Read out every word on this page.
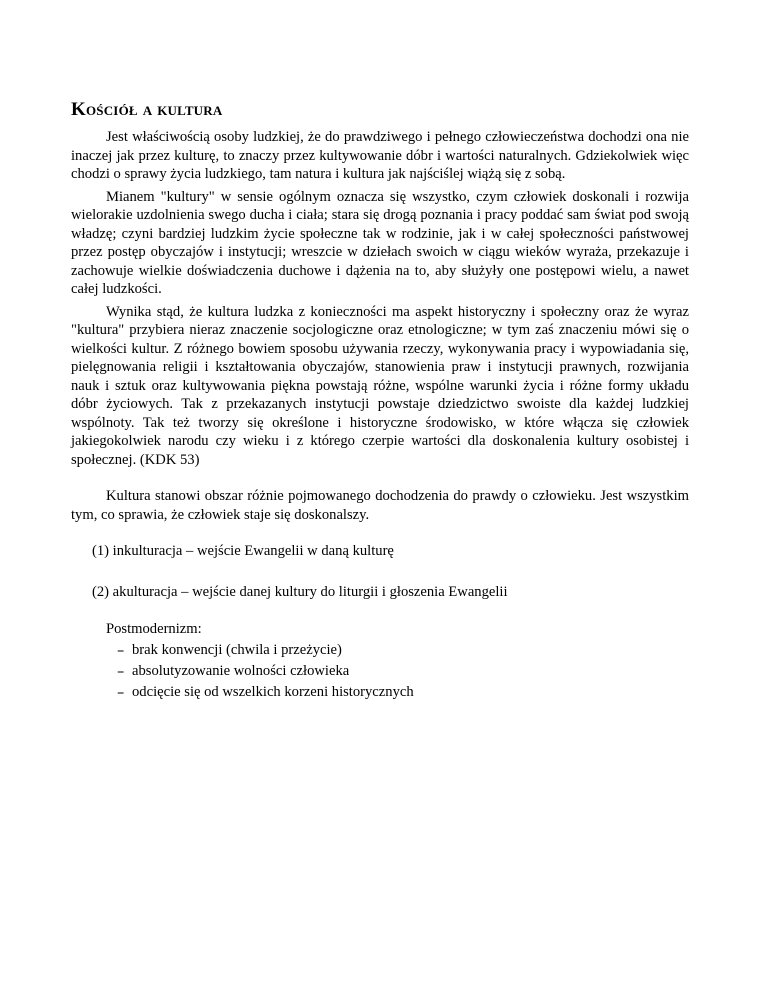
Kościół a kultura

Jest właściwością osoby ludzkiej, że do prawdziwego i pełnego człowieczeństwa dochodzi ona nie inaczej jak przez kulturę, to znaczy przez kultywowanie dóbr i wartości naturalnych. Gdziekolwiek więc chodzi o sprawy życia ludzkiego, tam natura i kultura jak najściślej wiążą się z sobą.

Mianem "kultury" w sensie ogólnym oznacza się wszystko, czym człowiek doskonali i rozwija wielorakie uzdolnienia swego ducha i ciała; stara się drogą poznania i pracy poddać sam świat pod swoją władzę; czyni bardziej ludzkim życie społeczne tak w rodzinie, jak i w całej społeczności państwowej przez postęp obyczajów i instytucji; wreszcie w dziełach swoich w ciągu wieków wyraża, przekazuje i zachowuje wielkie doświadczenia duchowe i dążenia na to, aby służyły one postępowi wielu, a nawet całej ludzkości.

Wynika stąd, że kultura ludzka z konieczności ma aspekt historyczny i społeczny oraz że wyraz "kultura" przybiera nieraz znaczenie socjologiczne oraz etnologiczne; w tym zaś znaczeniu mówi się o wielkości kultur. Z różnego bowiem sposobu używania rzeczy, wykonywania pracy i wypowiadania się, pielęgnowania religii i kształtowania obyczajów, stanowienia praw i instytucji prawnych, rozwijania nauk i sztuk oraz kultywowania piękna powstają różne, wspólne warunki życia i różne formy układu dóbr życiowych. Tak z przekazanych instytucji powstaje dziedzictwo swoiste dla każdej ludzkiej wspólnoty. Tak też tworzy się określone i historyczne środowisko, w które włącza się człowiek jakiegokolwiek narodu czy wieku i z którego czerpie wartości dla doskonalenia kultury osobistej i społecznej. (KDK 53)

Kultura stanowi obszar różnie pojmowanego dochodzenia do prawdy o człowieku. Jest wszystkim tym, co sprawia, że człowiek staje się doskonalszy.

(1) inkulturacja – wejście Ewangelii w daną kulturę

(2) akulturacja – wejście danej kultury do liturgii i głoszenia Ewangelii

Postmodernizm:

– brak konwencji (chwila i przeżycie)
– absolutyzowanie wolności człowieka
– odcięcie się od wszelkich korzeni historycznych
